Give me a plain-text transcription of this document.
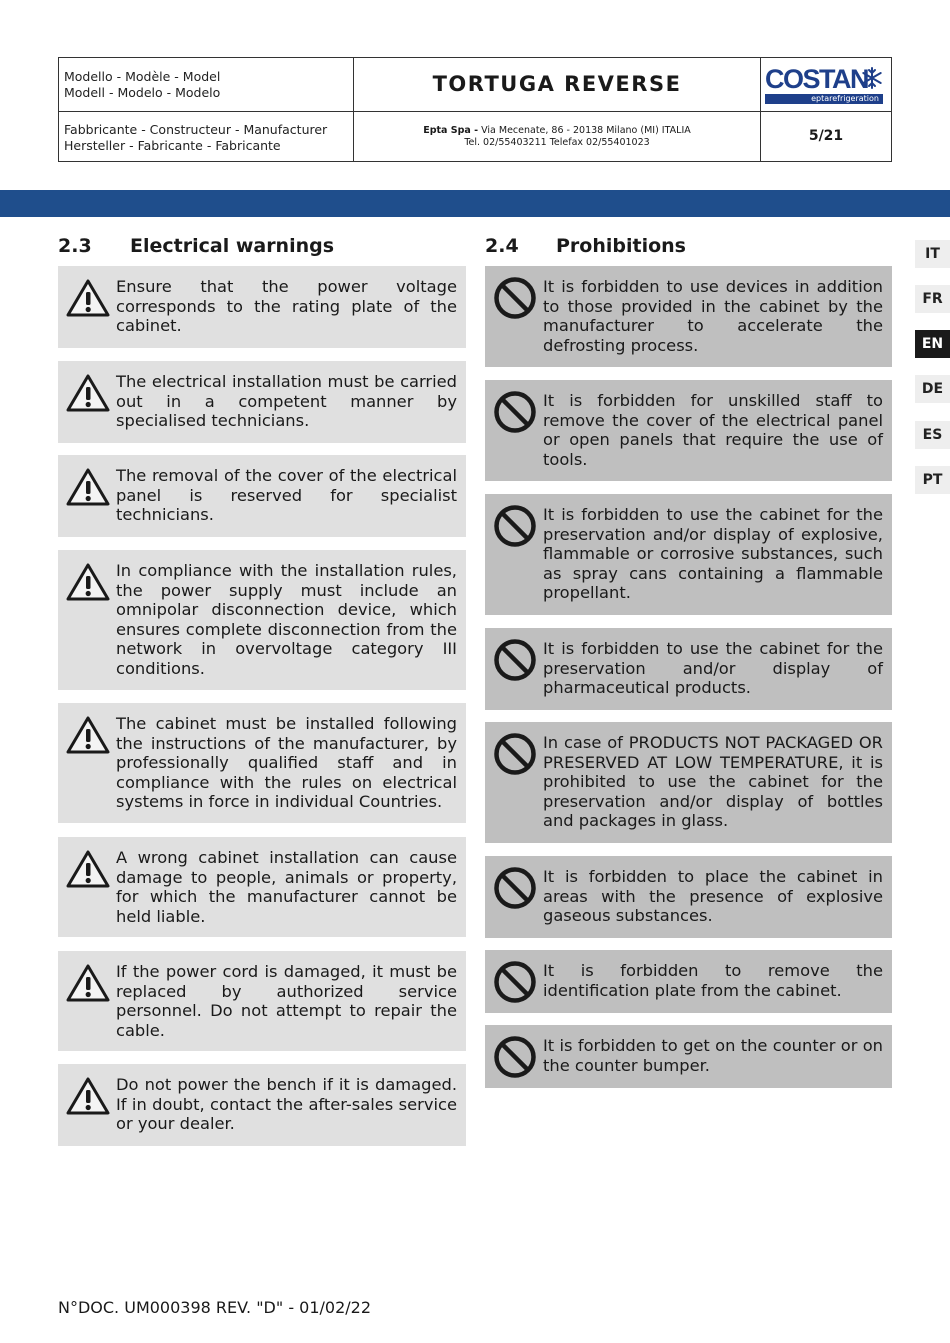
Modello - Modèle - Model
Modell - Modelo - Modelo	TORTUGA REVERSE	COSTAN
eptarefrigeration
Fabbricante - Constructeur - Manufacturer
Hersteller - Fabricante - Fabricante
Epta Spa - Via Mecenate, 86 - 20138 Milano (MI) ITALIA
Tel. 02/55403211 Telefax 02/55401023	5/21
2.3 Electrical warnings	2.4 Prohibitions
Ensure that the power voltage corresponds to the rating plate of the cabinet.
The electrical installation must be carried out in a competent manner by specialised technicians.
The removal of the cover of the electrical panel is reserved for specialist technicians.
In compliance with the installation rules, the power supply must include an omnipolar disconnection device, which ensures complete disconnection from the network in overvoltage category III conditions.
The cabinet must be installed following the instructions of the manufacturer, by professionally qualified staff and in compliance with the rules on electrical systems in force in individual Countries.
A wrong cabinet installation can cause damage to people, animals or property, for which the manufacturer cannot be held liable.
If the power cord is damaged, it must be replaced by authorized service personnel. Do not attempt to repair the cable.
Do not power the bench if it is damaged. If in doubt, contact the after-sales service or your dealer.
It is forbidden to use devices in addition to those provided in the cabinet by the manufacturer to accelerate the defrosting process.
It is forbidden for unskilled staff to remove the cover of the electrical panel or open panels that require the use of tools.
It is forbidden to use the cabinet for the preservation and/or display of explosive, flammable or corrosive substances, such as spray cans containing a flammable propellant.
It is forbidden to use the cabinet for the preservation and/or display of pharmaceutical products.
In case of PRODUCTS NOT PACKAGED OR PRESERVED AT LOW TEMPERATURE, it is prohibited to use the cabinet for the preservation and/or display of bottles and packages in glass.
It is forbidden to place the cabinet in areas with the presence of explosive gaseous substances.
It is forbidden to remove the identification plate from the cabinet.
It is forbidden to get on the counter or on the counter bumper.
IT
FR
EN
DE
ES
PT
N°DOC. UM000398 REV. "D" - 01/02/22
